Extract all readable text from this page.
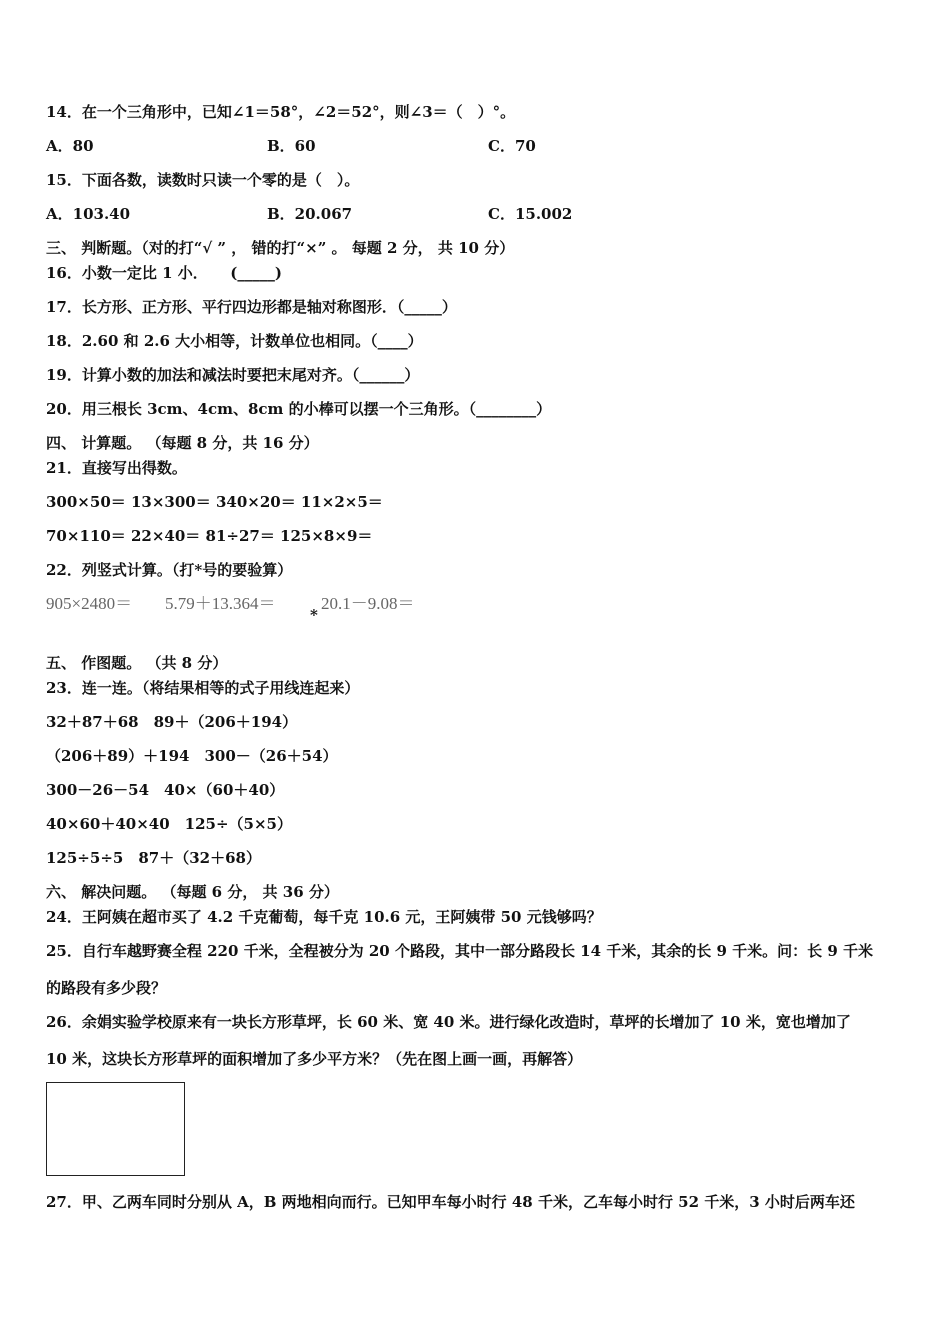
14．在一个三角形中，已知∠1＝58°，∠2＝52°，则∠3＝（　）°。
A．80	B．60	C．70
15．下面各数，读数时只读一个零的是（　）。
A．103.40	B．20.067	C．15.002
三、 判断题。（对的打“√ ” ， 错的打“×” 。 每题 2 分， 共 10 分）
16．小数一定比 1 小．　　(_____)
17．长方形、正方形、平行四边形都是轴对称图形．（_____）
18．2.60 和 2.6 大小相等，计数单位也相同。（____）
19．计算小数的加法和减法时要把末尾对齐。（______）
20．用三根长 3cm、4cm、8cm 的小棒可以摆一个三角形。（________）
四、 计算题。 （每题 8 分，共 16 分）
21．直接写出得数。
300×50＝ 13×300＝ 340×20＝ 11×2×5＝
70×110＝ 22×40＝ 81÷27＝ 125×8×9＝
22．列竖式计算。（打*号的要验算）
905×2480＝ 5.79＋13.364＝
*
20.1－9.08＝
五、 作图题。 （共 8 分）
23．连一连。（将结果相等的式子用线连起来）
32＋87＋68　89＋（206＋194）
（206＋89）＋194　300－（26＋54）
300－26－54　40×（60＋40）
40×60＋40×40　125÷（5×5）
125÷5÷5　87＋（32＋68）
六、 解决问题。 （每题 6 分， 共 36 分）
24．王阿姨在超市买了 4.2 千克葡萄，每千克 10.6 元，王阿姨带 50 元钱够吗？
25．自行车越野赛全程 220 千米，全程被分为 20 个路段，其中一部分路段长 14 千米，其余的长 9 千米。问：长 9 千米
的路段有多少段？
26．余娟实验学校原来有一块长方形草坪，长 60 米、宽 40 米。进行绿化改造时，草坪的长增加了 10 米，宽也增加了
10 米，这块长方形草坪的面积增加了多少平方米？（先在图上画一画，再解答）
27．甲、乙两车同时分别从 A，B 两地相向而行。已知甲车每小时行 48 千米，乙车每小时行 52 千米，3 小时后两车还
